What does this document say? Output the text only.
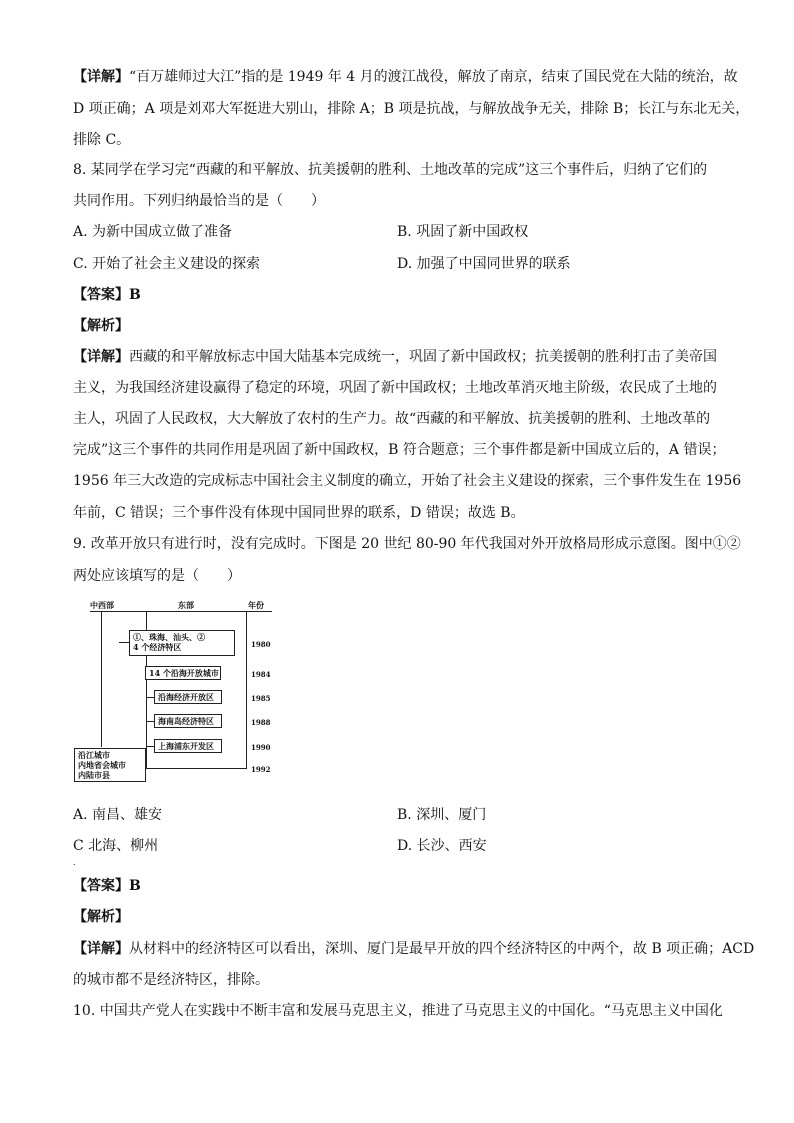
【详解】“百万雄师过大江”指的是 1949 年 4 月的渡江战役，解放了南京，结束了国民党在大陆的统治，故
D 项正确；A 项是刘邓大军挺进大别山，排除 A；B 项是抗战，与解放战争无关，排除 B；长江与东北无关，
排除 C。
8. 某同学在学习完“西藏的和平解放、抗美援朝的胜利、土地改革的完成”这三个事件后，归纳了它们的
共同作用。下列归纳最恰当的是（　　）
A. 为新中国成立做了准备	B. 巩固了新中国政权
C. 开始了社会主义建设的探索	D. 加强了中国同世界的联系
【答案】B
【解析】
【详解】西藏的和平解放标志中国大陆基本完成统一，巩固了新中国政权；抗美援朝的胜利打击了美帝国
主义，为我国经济建设赢得了稳定的环境，巩固了新中国政权；土地改革消灭地主阶级，农民成了土地的
主人，巩固了人民政权，大大解放了农村的生产力。故“西藏的和平解放、抗美援朝的胜利、土地改革的
完成”这三个事件的共同作用是巩固了新中国政权，B 符合题意；三个事件都是新中国成立后的，A 错误；
1956 年三大改造的完成标志中国社会主义制度的确立，开始了社会主义建设的探索，三个事件发生在 1956
年前，C 错误；三个事件没有体现中国同世界的联系，D 错误；故选 B。
9. 改革开放只有进行时，没有完成时。下图是 20 世纪 80-90 年代我国对外开放格局形成示意图。图中①②
两处应该填写的是（　　）
中西部	东部	年份
①、珠海、汕头、②
4 个经济特区
14 个沿海开放城市
沿海经济开放区
海南岛经济特区
上海浦东开发区
沿江城市
内地省会城市
内陆市县
1980
1984
1985
1988
1990
1992
A. 南昌、雄安	B. 深圳、厦门
C 北海、柳州	D. 长沙、西安
．
【答案】B
【解析】
【详解】从材料中的经济特区可以看出，深圳、厦门是最早开放的四个经济特区的中两个，故 B 项正确；ACD
的城市都不是经济特区，排除。
10. 中国共产党人在实践中不断丰富和发展马克思主义，推进了马克思主义的中国化。“马克思主义中国化
